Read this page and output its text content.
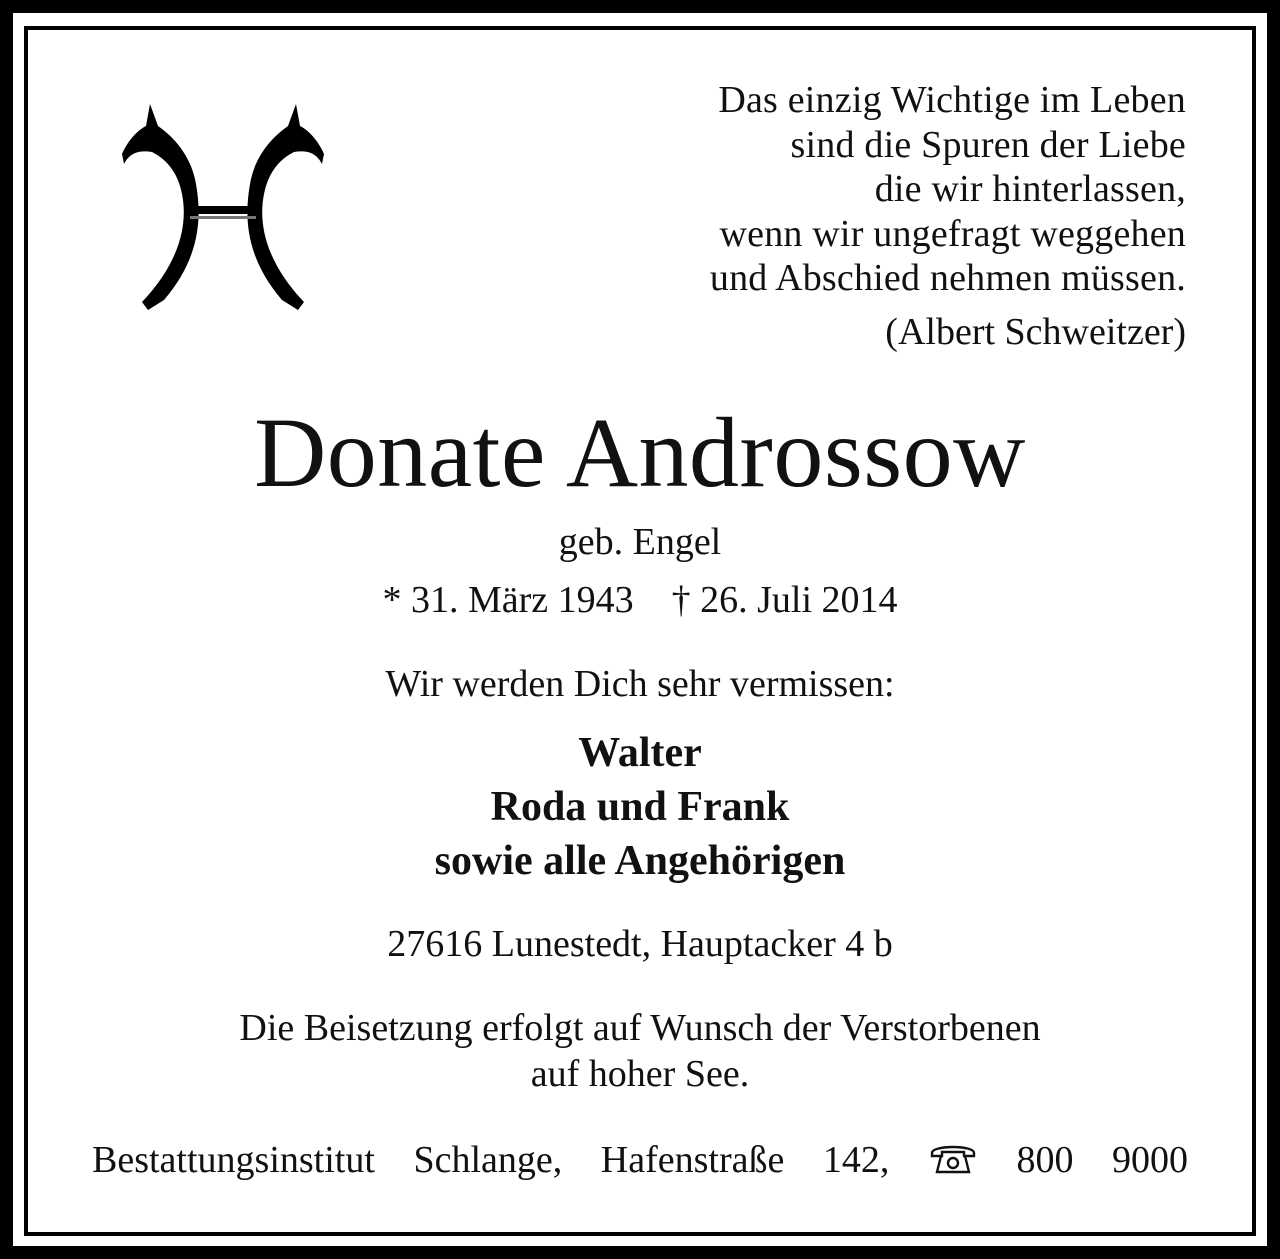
Das einzig Wichtige im Leben
sind die Spuren der Liebe
die wir hinterlassen,
wenn wir ungefragt weggehen
und Abschied nehmen müssen.
(Albert Schweitzer)
Donate Androssow
geb. Engel
* 31. März 1943 † 26. Juli 2014
Wir werden Dich sehr vermissen:
Walter
Roda und Frank
sowie alle Angehörigen
27616 Lunestedt, Hauptacker 4 b
Die Beisetzung erfolgt auf Wunsch der Verstorbenen
auf hoher See.
Bestattungsinstitut Schlange, Hafenstraße 142,	800 9000
